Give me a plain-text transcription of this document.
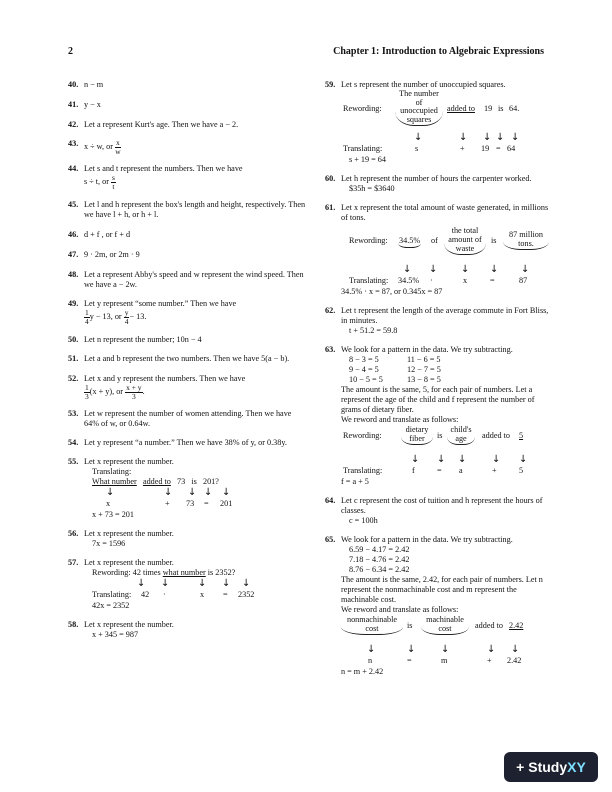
2	Chapter 1: Introduction to Algebraic Expressions
40. n − m
41. y − x
42. Let a represent Kurt's age. Then we have a − 2.
43. x ÷ w, or $\frac{x}{w}$
44. Let s and t represent the numbers. Then we have
s ÷ t, or $\frac{s}{t}$
45. Let l and h represent the box's length and height, respectively. Then we have l + h, or h + l.
46. d + f , or f + d
47. 9 · 2m, or 2m · 9
48. Let a represent Abby's speed and w represent the wind speed. Then we have a − 2w.
49. Let y represent “some number.” Then we have
$\frac{1}{4}$ y − 13, or $\frac{y}{4} - 13$.
50. Let n represent the number; 10n − 4
51. Let a and b represent the two numbers. Then we have 5(a − b).
52. Let x and y represent the numbers. Then we have
$\frac{1}{3} (x + y)$, or $\frac{x + y}{3}$ .
53. Let w represent the number of women attending. Then we have 64% of w, or 0.64w.
54. Let y represent “a number.” Then we have 38% of y, or 0.38y.
55. Let x represent the number.
Translating:
What number added to 73 is 201?
↓	↓ ↓ ↓ ↓
x	+ 73 = 201
x + 73 = 201
56. Let x represent the number.
7x = 1596
57. Let x represent the number.
Rewording: 42 times what number is 2352?
↓ ↓	↓ ↓ ↓
Translating: 42 ·	x = 2352
42x = 2352
58. Let x represent the number.
x + 345 = 987
59. Let s represent the number of unoccupied squares.
Rewording:
The number of unoccupied squares
added to 19 is 64.
↓	↓ ↓ ↓ ↓
Translating:	s	+ 19 = 64
s + 19 = 64
60. Let h represent the number of hours the carpenter worked.
$35h = $3640
61. Let x represent the total amount of waste generated, in millions of tons.
Rewording: 34.5% of
the total amount of waste
is
87 million tons.
↓ ↓ ↓ ↓ ↓
Translating: 34.5% ·	x	=	87
34.5% · x = 87, or 0.345x = 87
62. Let t represent the length of the average commute in Fort Bliss, in minutes.
t + 51.2 = 59.8
63. We look for a pattern in the data. We try subtracting.
8 − 3 = 5	11 − 6 = 5
9 − 4 = 5	12 − 7 = 5
10 − 5 = 5	13 − 8 = 5
The amount is the same, 5, for each pair of numbers. Let a represent the age of the child and f represent the number of grams of dietary fiber.
We reword and translate as follows:
Rewording:
dietary fiber	is
child's age	added to 5
↓ ↓ ↓	↓ ↓
Translating:	f	= a	+	5
f = a + 5
64. Let c represent the cost of tuition and h represent the hours of classes.
c = 100h
65. We look for a pattern in the data. We try subtracting.
6.59 − 4.17 = 2.42
7.18 − 4.76 = 2.42
8.76 − 6.34 = 2.42
The amount is the same, 2.42, for each pair of numbers. Let n represent the nonmachinable cost and m represent the machinable cost.
We reword and translate as follows:
nonmachinable cost	is
machinable cost	added to 2.42
↓	↓	↓	↓ ↓
n	=	m	+ 2.42
n = m + 2.42
+ StudyXY
